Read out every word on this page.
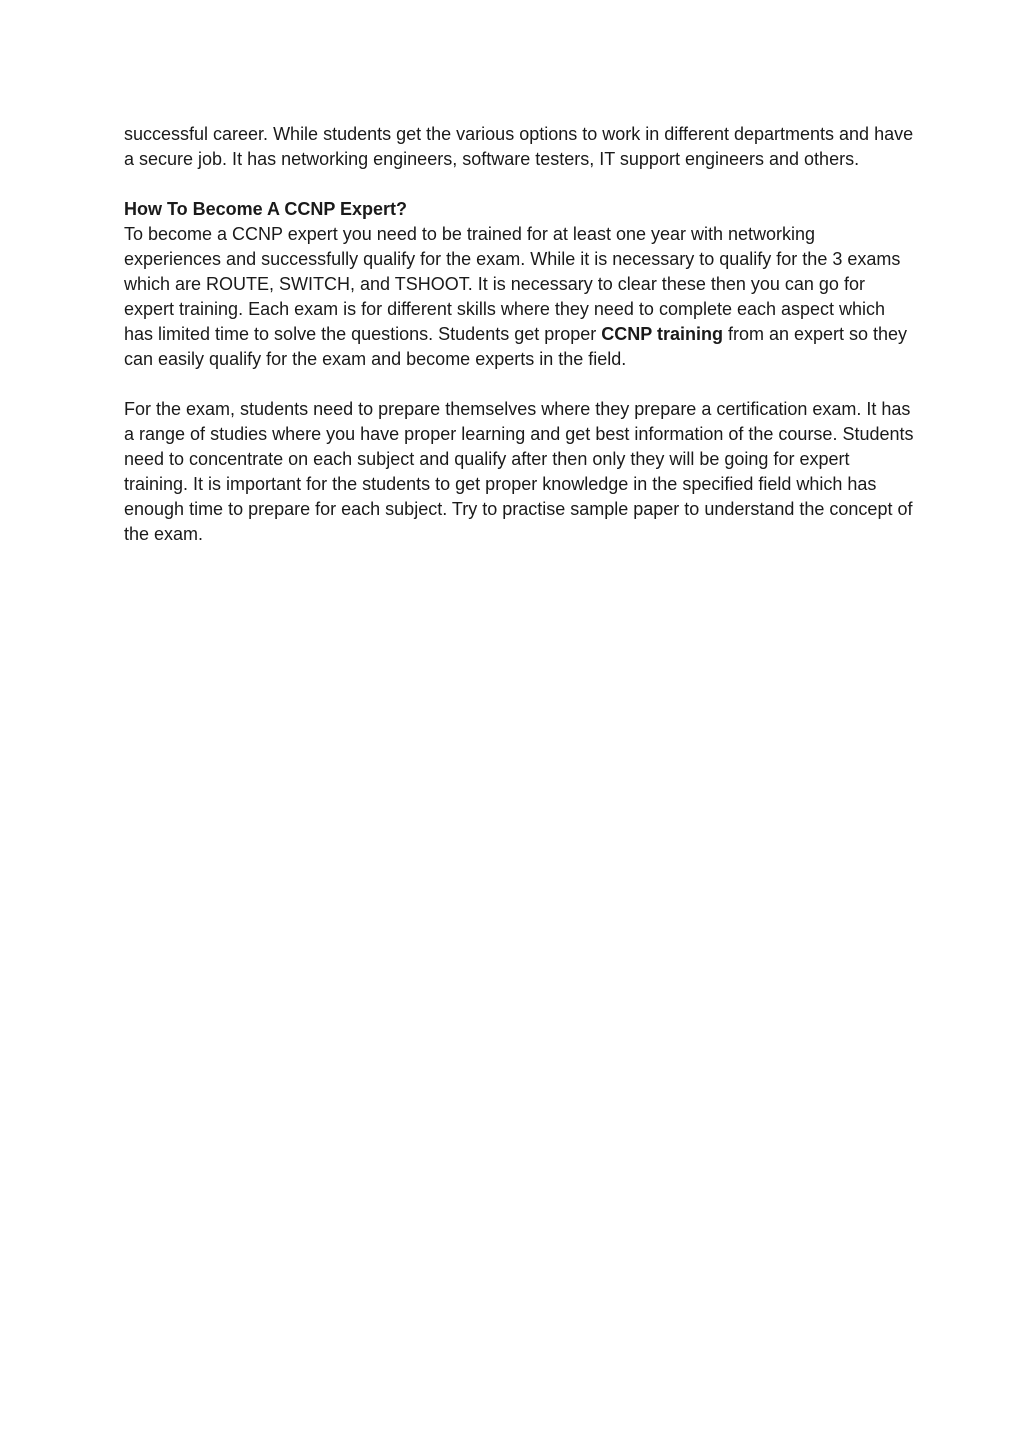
successful career. While students get the various options to work in different departments and have a secure job. It has networking engineers, software testers, IT support engineers and others.

How To Become A CCNP Expert?

To become a CCNP expert you need to be trained for at least one year with networking experiences and successfully qualify for the exam. While it is necessary to qualify for the 3 exams which are ROUTE, SWITCH, and TSHOOT. It is necessary to clear these then you can go for expert training. Each exam is for different skills where they need to complete each aspect which has limited time to solve the questions. Students get proper CCNP training from an expert so they can easily qualify for the exam and become experts in the field.

For the exam, students need to prepare themselves where they prepare a certification exam. It has a range of studies where you have proper learning and get best information of the course. Students need to concentrate on each subject and qualify after then only they will be going for expert training. It is important for the students to get proper knowledge in the specified field which has enough time to prepare for each subject. Try to practise sample paper to understand the concept of the exam.
